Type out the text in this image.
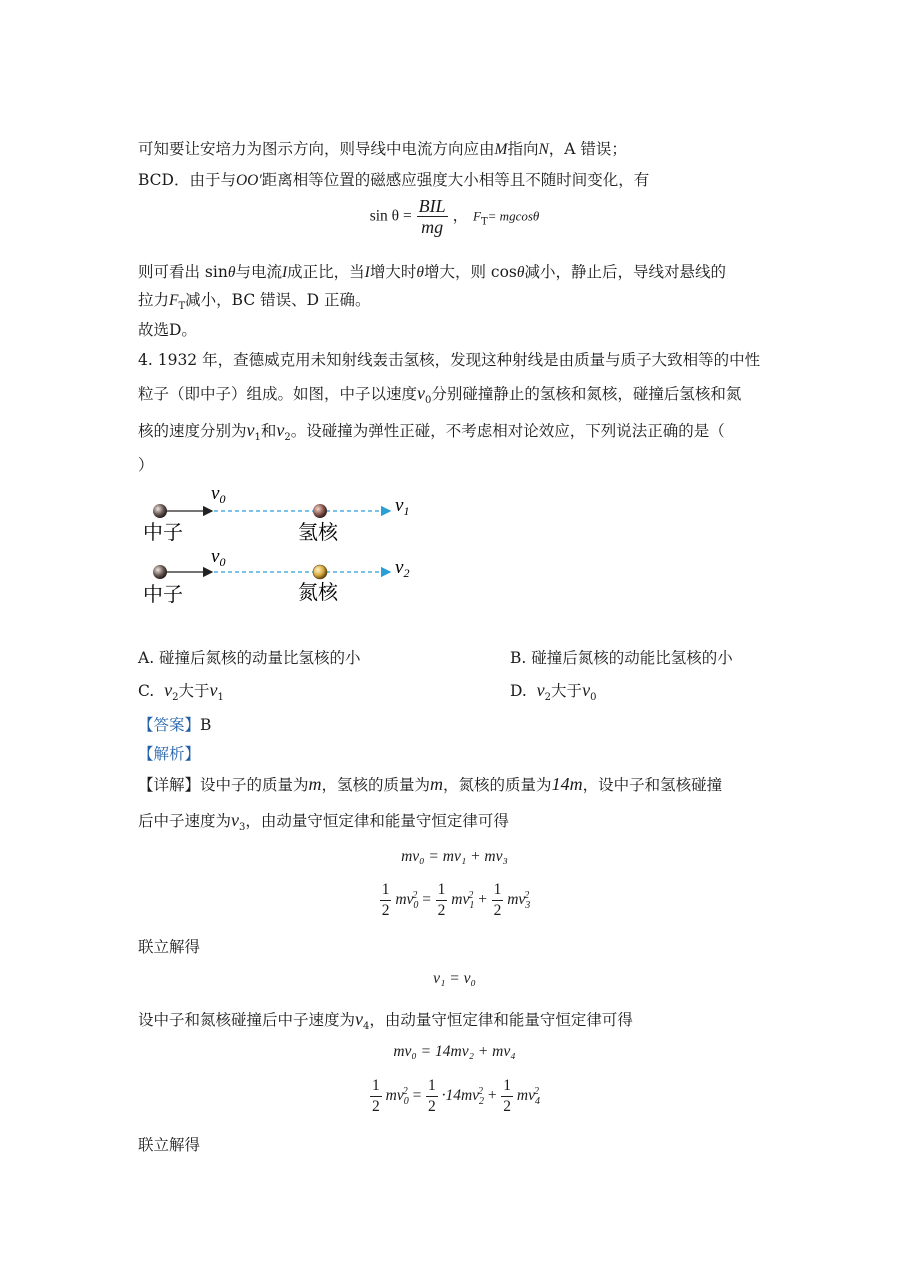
可知要让安培力为图示方向，则导线中电流方向应由M指向N，A 错误；
BCD．由于与OO′距离相等位置的磁感应强度大小相等且不随时间变化，有
$\sin \theta = \frac{\text{BIL}}{mg}$ ， $F_T= mgcos\theta$
则可看出 sinθ与电流I成正比，当I增大时θ增大，则 cosθ减小，静止后，导线对悬线的
拉力$F_T$减小，BC 错误、D 正确。
故选D。
4. 1932 年，查德威克用未知射线轰击氢核，发现这种射线是由质量与质子大致相等的中性
粒子（即中子）组成。如图，中子以速度$v_0$分别碰撞静止的氢核和氮核，碰撞后氢核和氮
核的速度分别为$v_1$和$v_2$。设碰撞为弹性正碰，不考虑相对论效应，下列说法正确的是（
）
$v_0$	$v_1$
中子	氢核
$v_0$	$v_2$
中子	氮核
A. 碰撞后氮核的动量比氢核的小	B. 碰撞后氮核的动能比氢核的小
C. $v_2$大于$v_1$	D. $v_2$大于$v_0$
【答案】B
【解析】
【详解】设中子的质量为m，氢核的质量为m，氮核的质量为14m，设中子和氢核碰撞
后中子速度为$v_3$，由动量守恒定律和能量守恒定律可得
mv₀ = mv₁ + mv₃
$\frac{1}{2} mv_0^2 = \frac{1}{2} mv_1^2 + \frac{1}{2} mv_3^2$
联立解得
v₁ = v₀
设中子和氮核碰撞后中子速度为$v_4$，由动量守恒定律和能量守恒定律可得
mv₀ = 14mv₂ + mv₄
$\frac{1}{2} mv_0^2 = \frac{1}{2} \cdot 14mv_2^2 + \frac{1}{2} mv_4^2$
联立解得
